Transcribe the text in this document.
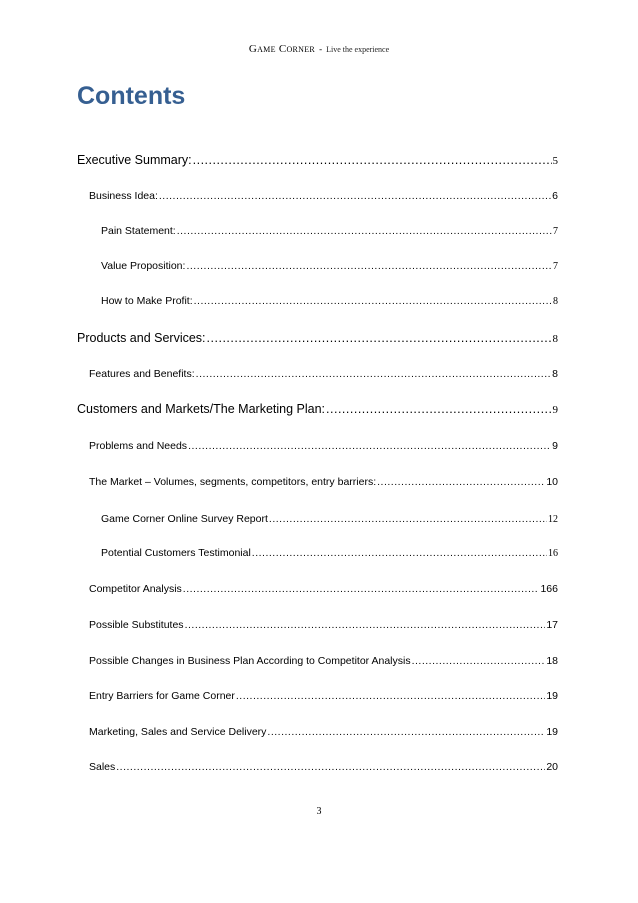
Game Corner - Live the experience
Contents
Executive Summary: .....	5
Business Idea: .....	6
Pain Statement: .....	7
Value Proposition: .....	7
How to Make Profit: .....	8
Products and Services: .....	8
Features and Benefits: .....	8
Customers and Markets/The Marketing Plan: .....	9
Problems and Needs .....	9
The Market – Volumes, segments, competitors, entry barriers: .....	10
Game Corner Online Survey Report .....	12
Potential Customers Testimonial .....	16
Competitor Analysis .....	166
Possible Substitutes .....	17
Possible Changes in Business Plan According to Competitor Analysis .....	18
Entry Barriers for Game Corner .....	19
Marketing, Sales and Service Delivery .....	19
Sales .....	20
3
